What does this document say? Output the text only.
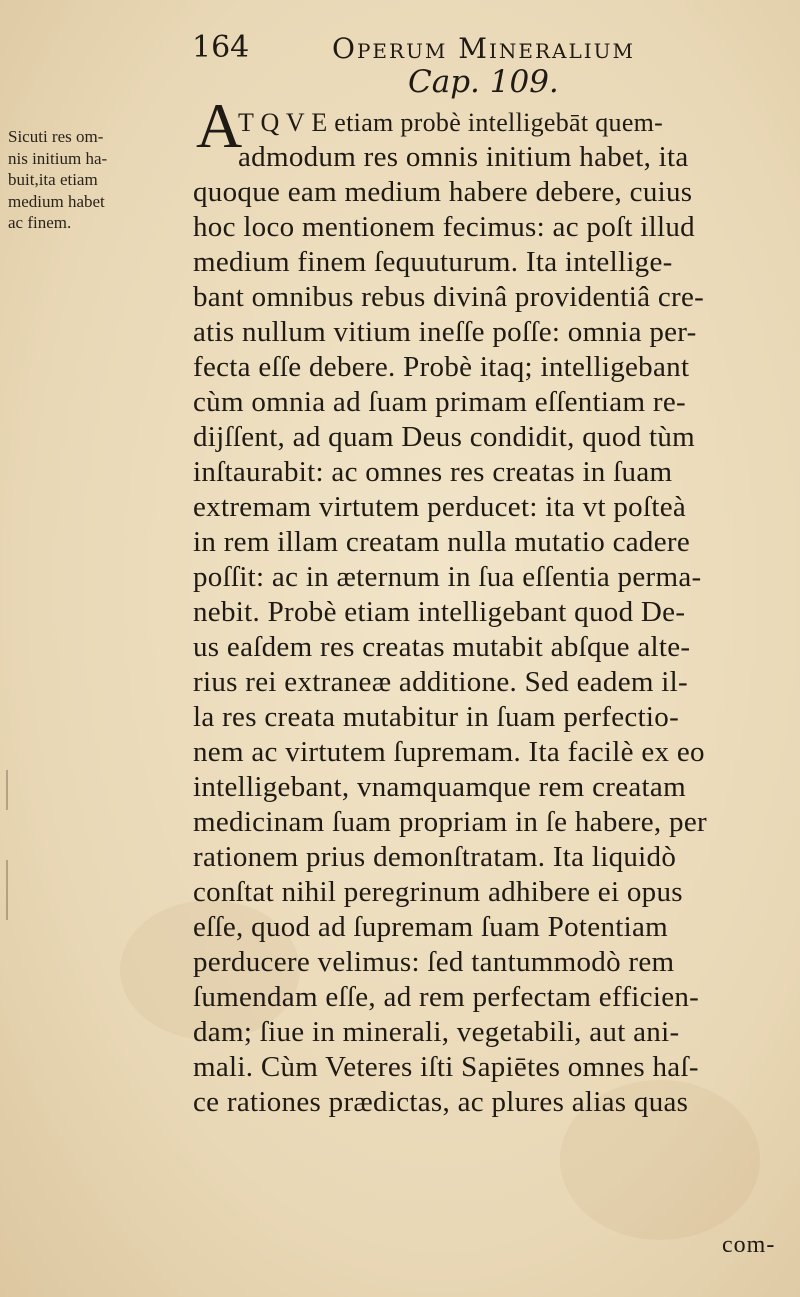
164	Operum Mineralium
Cap. 109.
A
Sicuti res om-
nis initium ha-
buit,ita etiam
medium habet
ac finem.
T Q V E etiam probè intelligebāt quem-
admodum res omnis initium habet, ita
quoque eam medium habere debere, cuius
hoc loco mentionem fecimus: ac poſt illud
medium finem ſequuturum. Ita intellige-
bant omnibus rebus divinâ providentiâ cre-
atis nullum vitium ineſſe poſſe: omnia per-
fecta eſſe debere. Probè itaq; intelligebant
cùm omnia ad ſuam primam eſſentiam re-
dijſſent, ad quam Deus condidit, quod tùm
inſtaurabit: ac omnes res creatas in ſuam
extremam virtutem perducet: ita vt poſteà
in rem illam creatam nulla mutatio cadere
poſſit: ac in æternum in ſua eſſentia perma-
nebit. Probè etiam intelligebant quod De-
us eaſdem res creatas mutabit abſque alte-
rius rei extraneæ additione. Sed eadem il-
la res creata mutabitur in ſuam perfectio-
nem ac virtutem ſupremam. Ita facilè ex eo
intelligebant, vnamquamque rem creatam
medicinam ſuam propriam in ſe habere, per
rationem prius demonſtratam. Ita liquidò
conſtat nihil peregrinum adhibere ei opus
eſſe, quod ad ſupremam ſuam Potentiam
perducere velimus: ſed tantummodò rem
ſumendam eſſe, ad rem perfectam efficien-
dam; ſiue in minerali, vegetabili, aut ani-
mali. Cùm Veteres iſti Sapiētes omnes haſ-
ce rationes prædictas, ac plures alias quas
com-
